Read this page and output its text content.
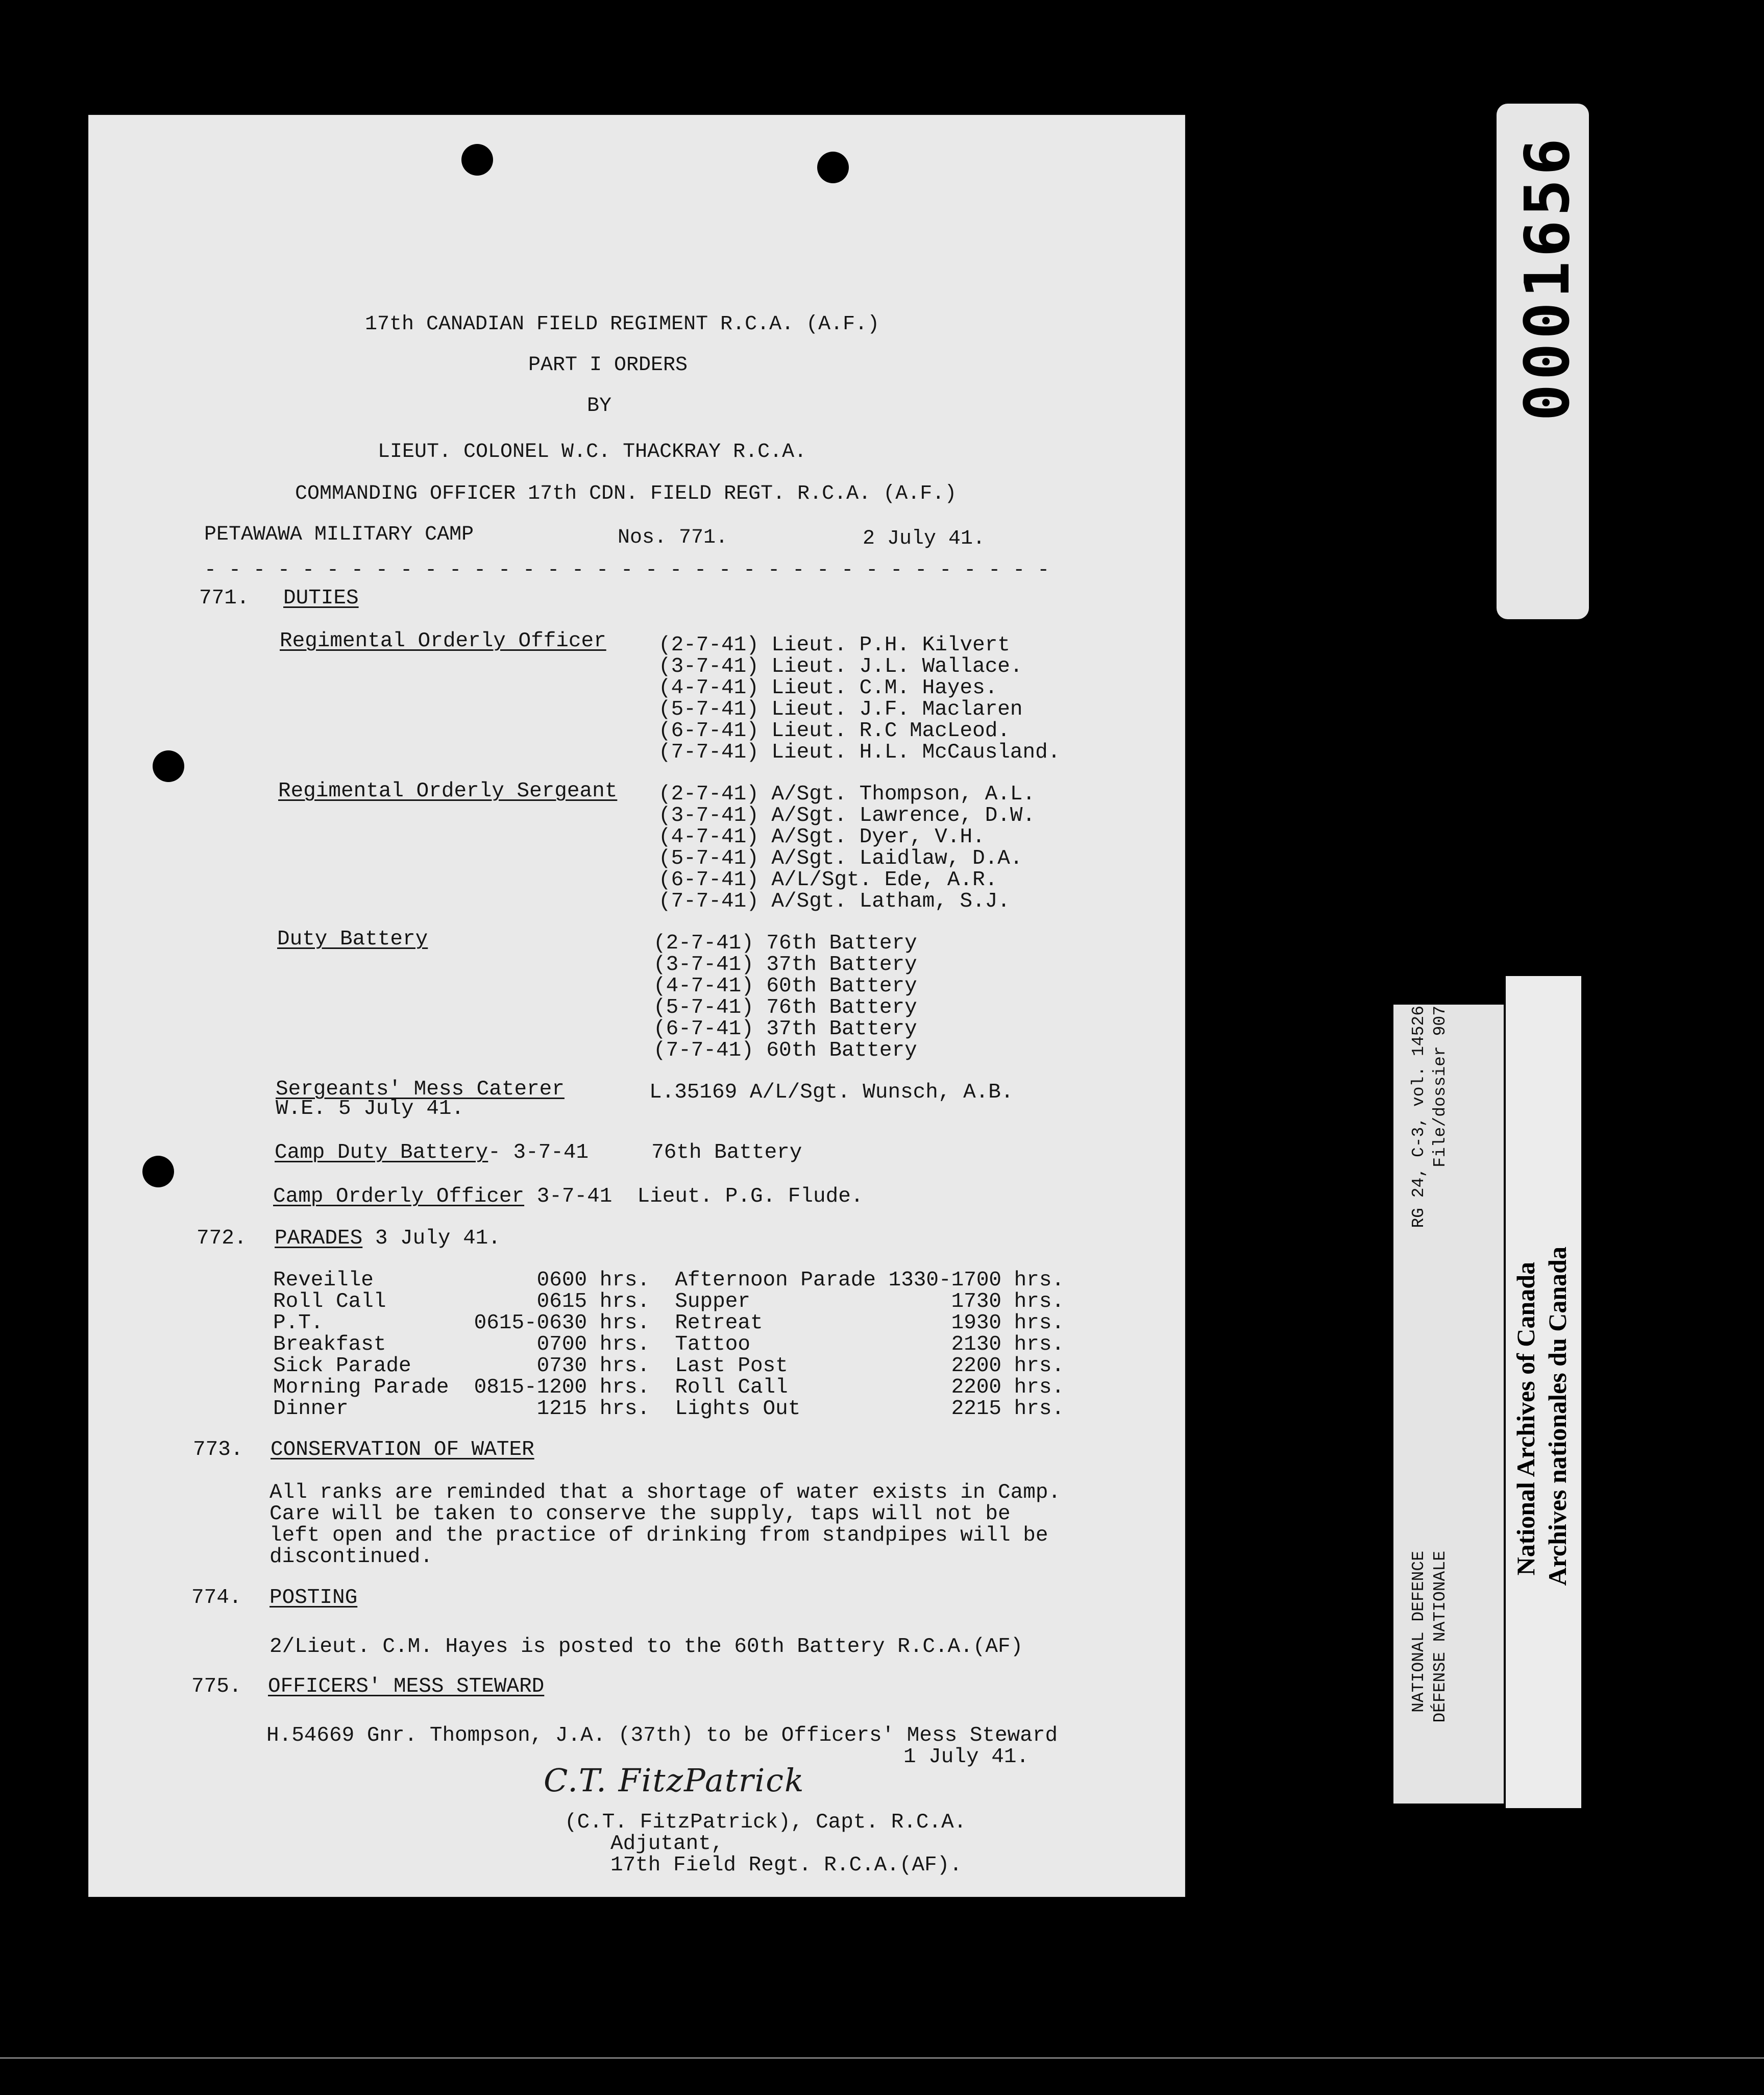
17th CANADIAN FIELD REGIMENT R.C.A. (A.F.)
PART I ORDERS
BY
LIEUT. COLONEL W.C. THACKRAY R.C.A.
COMMANDING OFFICER 17th CDN. FIELD REGT. R.C.A. (A.F.)
PETAWAWA MILITARY CAMP	Nos. 771.	2 July 41.
- - - - - - - - - - - - - - - - - - - - - - - - - - - - - - - - - - -
771. DUTIES
Regimental Orderly Officer (2-7-41) Lieut. P.H. Kilvert
(3-7-41) Lieut. J.L. Wallace.
(4-7-41) Lieut. C.M. Hayes.
(5-7-41) Lieut. J.F. Maclaren
(6-7-41) Lieut. R.C MacLeod.
(7-7-41) Lieut. H.L. McCausland.
Regimental Orderly Sergeant (2-7-41) A/Sgt. Thompson, A.L.
(3-7-41) A/Sgt. Lawrence, D.W.
(4-7-41) A/Sgt. Dyer, V.H.
(5-7-41) A/Sgt. Laidlaw, D.A.
(6-7-41) A/L/Sgt. Ede, A.R.
(7-7-41) A/Sgt. Latham, S.J.
Duty Battery	(2-7-41) 76th Battery
(3-7-41) 37th Battery
(4-7-41) 60th Battery
(5-7-41) 76th Battery
(6-7-41) 37th Battery
(7-7-41) 60th Battery
Sergeants' Mess Caterer
W.E. 5 July 41.
L.35169 A/L/Sgt. Wunsch, A.B.
Camp Duty Battery- 3-7-41     76th Battery
Camp Orderly Officer 3-7-41  Lieut. P.G. Flude.
772. PARADES 3 July 41.
Reveille             0600 hrs.  Afternoon Parade 1330-1700 hrs.
Roll Call            0615 hrs.  Supper                1730 hrs.
P.T.            0615-0630 hrs.  Retreat               1930 hrs.
Breakfast            0700 hrs.  Tattoo                2130 hrs.
Sick Parade          0730 hrs.  Last Post             2200 hrs.
Morning Parade  0815-1200 hrs.  Roll Call             2200 hrs.
Dinner               1215 hrs.  Lights Out            2215 hrs.
773. CONSERVATION OF WATER
All ranks are reminded that a shortage of water exists in Camp.
Care will be taken to conserve the supply, taps will not be
left open and the practice of drinking from standpipes will be
discontinued.
774. POSTING
2/Lieut. C.M. Hayes is posted to the 60th Battery R.C.A.(AF)
775. OFFICERS' MESS STEWARD
H.54669 Gnr. Thompson, J.A. (37th) to be Officers' Mess Steward
1 July 41.
C.T. FitzPatrick
(C.T. FitzPatrick), Capt. R.C.A.
Adjutant,
17th Field Regt. R.C.A.(AF).
0001656
RG 24, C-3, vol. 14526 File/dossier 907
NATIONAL DEFENCE DÉFENSE NATIONALE
National Archives of Canada Archives nationales du Canada
